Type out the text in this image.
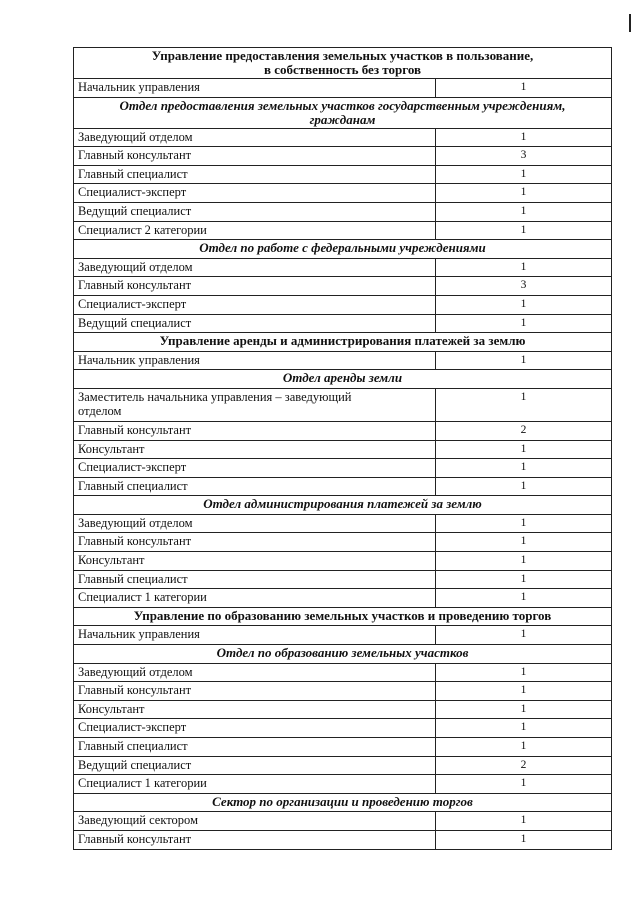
Управление предоставления земельных участков в пользование,
в собственность без торгов	
Начальник управления	1
Отдел предоставления земельных участков государственным учреждениям,
гражданам	
Заведующий отделом	1
Главный консультант	3
Главный специалист	1
Специалист-эксперт	1
Ведущий специалист	1
Специалист 2 категории	1
Отдел по работе с федеральными учреждениями	
Заведующий отделом	1
Главный консультант	3
Специалист-эксперт	1
Ведущий специалист	1
Управление аренды и администрирования платежей за землю	
Начальник управления	1
Отдел аренды земли	
Заместитель начальника управления – заведующий
отделом	1
Главный консультант	2
Консультант	1
Специалист-эксперт	1
Главный специалист	1
Отдел администрирования платежей за землю	
Заведующий отделом	1
Главный консультант	1
Консультант	1
Главный специалист	1
Специалист 1 категории	1
Управление по образованию земельных участков и проведению торгов	
Начальник управления	1
Отдел по образованию земельных участков	
Заведующий отделом	1
Главный консультант	1
Консультант	1
Специалист-эксперт	1
Главный специалист	1
Ведущий специалист	2
Специалист 1 категории	1
Сектор по организации и проведению торгов	
Заведующий сектором	1
Главный консультант	1
